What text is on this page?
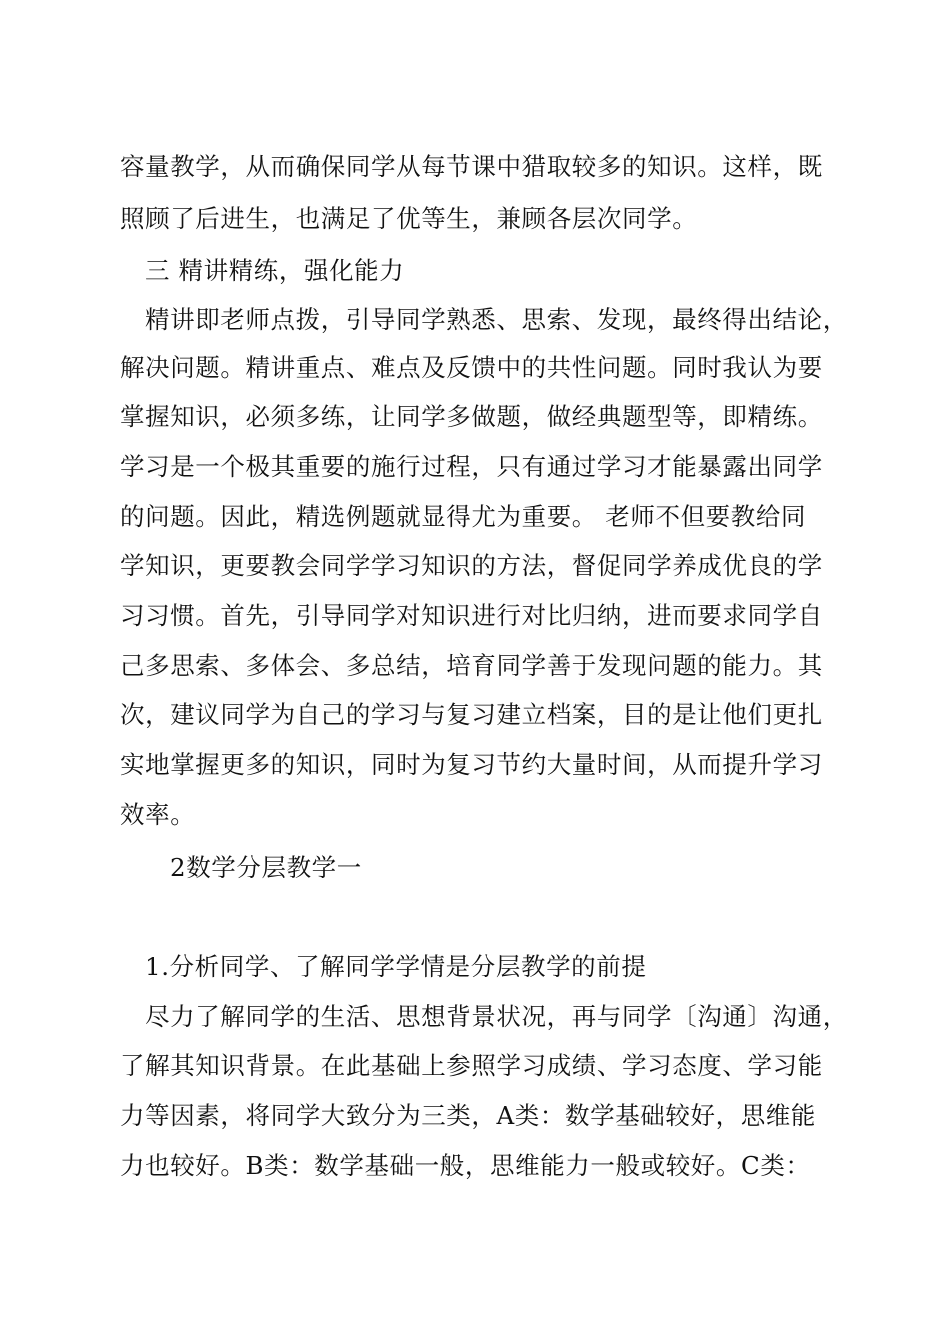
容量教学，从而确保同学从每节课中猎取较多的知识。这样，既
照顾了后进生，也满足了优等生，兼顾各层次同学。
三 精讲精练，强化能力
精讲即老师点拨，引导同学熟悉、思索、发现，最终得出结论，
解决问题。精讲重点、难点及反馈中的共性问题。同时我认为要
掌握知识，必须多练，让同学多做题，做经典题型等，即精练。
学习是一个极其重要的施行过程，只有通过学习才能暴露出同学
的问题。因此，精选例题就显得尤为重要。 老师不但要教给同
学知识，更要教会同学学习知识的方法，督促同学养成优良的学
习习惯。首先，引导同学对知识进行对比归纳，进而要求同学自
己多思索、多体会、多总结，培育同学善于发现问题的能力。其
次，建议同学为自己的学习与复习建立档案，目的是让他们更扎
实地掌握更多的知识，同时为复习节约大量时间，从而提升学习
效率。
2数学分层教学一
1.分析同学、了解同学学情是分层教学的前提
尽力了解同学的生活、思想背景状况，再与同学〔沟通〕沟通，
了解其知识背景。在此基础上参照学习成绩、学习态度、学习能
力等因素，将同学大致分为三类，A类：数学基础较好，思维能
力也较好。B类：数学基础一般，思维能力一般或较好。C类：
